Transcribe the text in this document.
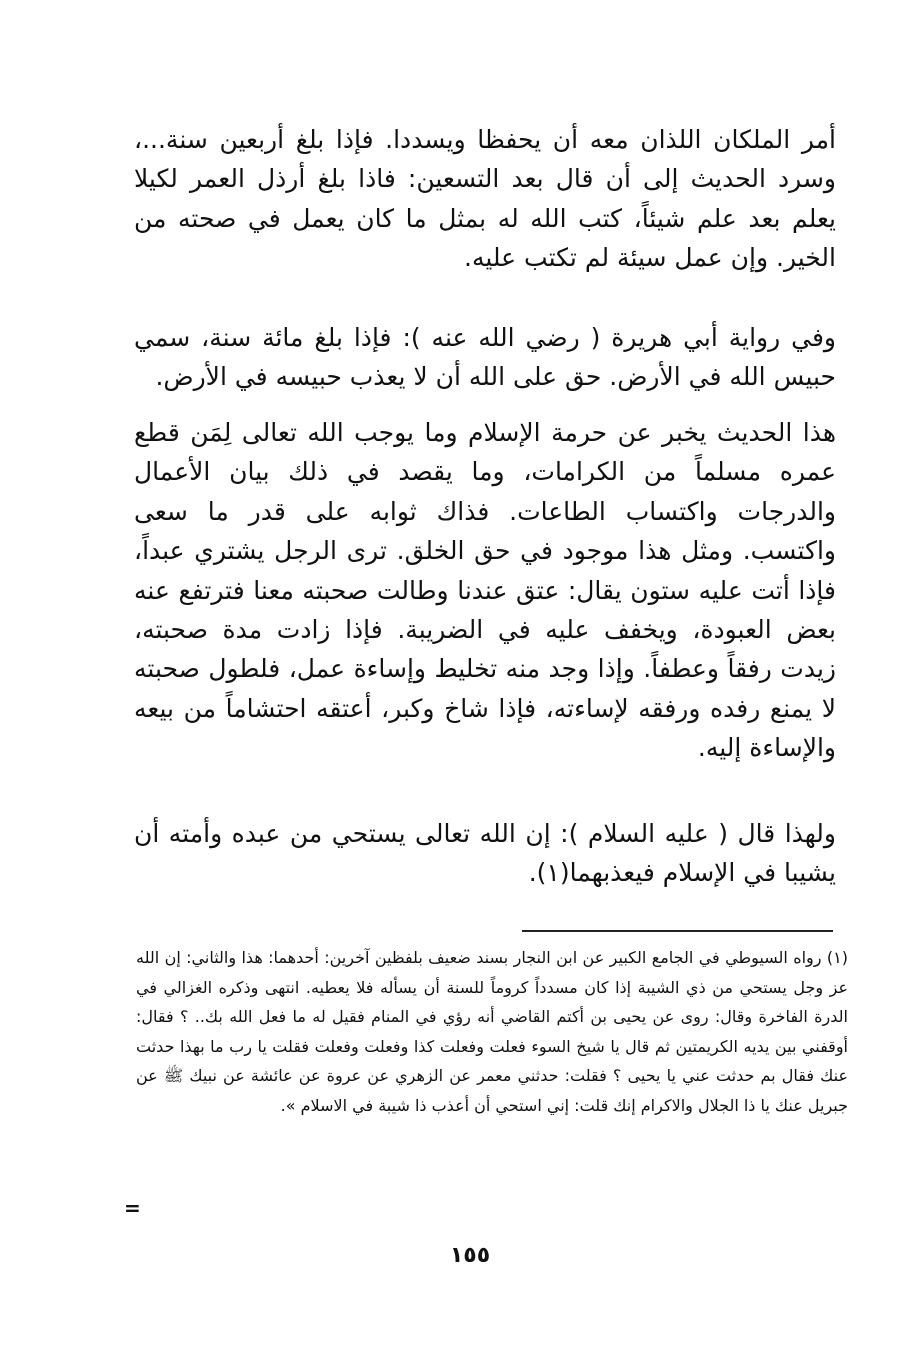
أمر الملكان اللذان معه أن يحفظا ويسددا. فإذا بلغ أربعين سنة...، وسرد الحديث إلى أن قال بعد التسعين: فاذا بلغ أرذل العمر لكيلا يعلم بعد علم شيئاً، كتب الله له بمثل ما كان يعمل في صحته من الخير. وإن عمل سيئة لم تكتب عليه.

وفي رواية أبي هريرة ( رضي الله عنه ): فإذا بلغ مائة سنة، سمي حبيس الله في الأرض. حق على الله أن لا يعذب حبيسه في الأرض.

هذا الحديث يخبر عن حرمة الإسلام وما يوجب الله تعالى لِمَن قطع عمره مسلماً من الكرامات، وما يقصد في ذلك بيان الأعمال والدرجات واكتساب الطاعات. فذاك ثوابه على قدر ما سعى واكتسب. ومثل هذا موجود في حق الخلق. ترى الرجل يشتري عبداً، فإذا أتت عليه ستون يقال: عتق عندنا وطالت صحبته معنا فترتفع عنه بعض العبودة، ويخفف عليه في الضريبة. فإذا زادت مدة صحبته، زيدت رفقاً وعطفاً. وإذا وجد منه تخليط وإساءة عمل، فلطول صحبته لا يمنع رفده ورفقه لإساءته، فإذا شاخ وكبر، أعتقه احتشاماً من بيعه والإساءة إليه.

ولهذا قال ( عليه السلام ): إن الله تعالى يستحي من عبده وأمته أن يشيبا في الإسلام فيعذبهما(١).

(١) رواه السيوطي في الجامع الكبير عن ابن النجار بسند ضعيف بلفظين آخرين: أحدهما: هذا والثاني: إن الله عز وجل يستحي من ذي الشيبة إذا كان مسدداً كروماً للسنة أن يسأله فلا يعطيه. انتهى وذكره الغزالي في الدرة الفاخرة وقال: روى عن يحيى بن أكتم القاضي أنه رؤي في المنام فقيل له ما فعل الله بك.. ؟ فقال: أوقفني بين يديه الكريمتين ثم قال يا شيخ السوء فعلت وفعلت كذا وفعلت وفعلت فقلت يا رب ما بهذا حدثت عنك فقال بم حدثت عني يا يحيى ؟ فقلت: حدثني معمر عن الزهري عن عروة عن عائشة عن نبيك ﷺ عن جبريل عنك يا ذا الجلال والاكرام إنك قلت: إني استحي أن أعذب ذا شيبة في الاسلام ».

=
١٥٥
